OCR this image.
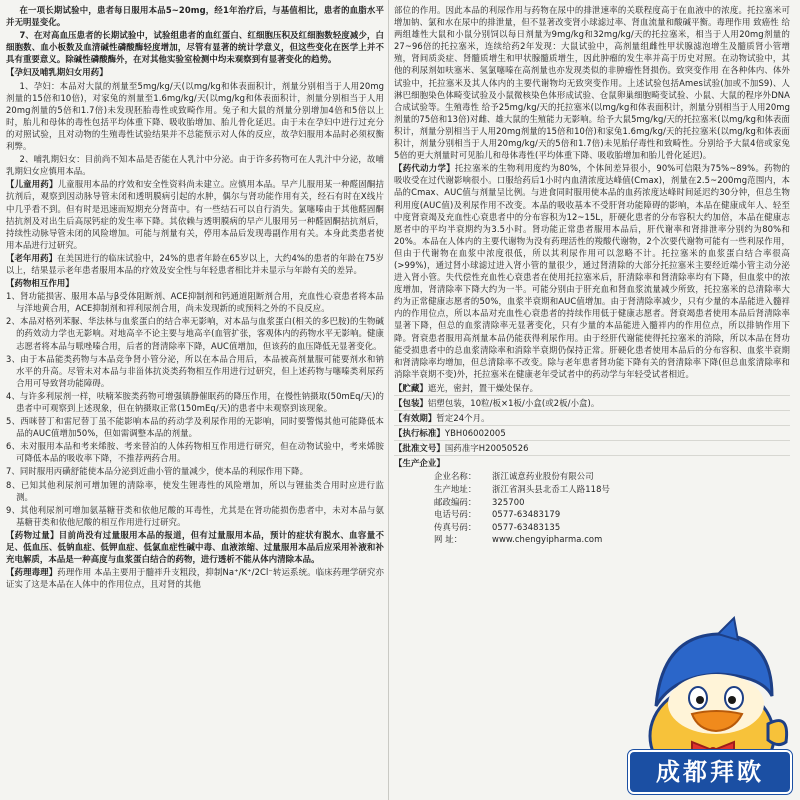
在一项长期试验中，患者每日服用本品5~20mg，经1年治疗后，与基值相比，患者的血脂水平并无明显变化。

7、在对高血压患者的长期试验中，试验组患者的血红蛋白、红细胞压积及红细胞数轻度减少，白细胞数、血小板数及血清碱性磷酸酶轻度增加，尽管有显著的统计学意义，但这些变化在医学上并不具有重要意义。除碱性磷酸酶外，在对其他实验室检测中均未观察到有显著变化的趋势。

【孕妇及哺乳期妇女用药】

1、孕妇：本品对大鼠的剂量至5mg/kg/天(以mg/kg和体表面积计，剂量分别相当于人用20mg剂量的15倍和10倍)，对家兔的剂量至1.6mg/kg/天(以mg/kg和体表面积计，剂量分别相当于人用20mg剂量的5倍和1.7倍)未发现胚胎毒性或致畸作用。兔子和大鼠的剂量分别增加4倍和5倍以上时，胎儿和母体的毒性包括平均体重下降、吸收胎增加、胎儿骨化延迟。由于未在孕妇中进行过充分的对照试验，且对动物的生殖毒性试验结果并不总能预示对人体的反应，故孕妇服用本品时必须权衡利弊。

2、哺乳期妇女：目前尚不知本品是否能在人乳汁中分泌。由于许多药物可在人乳汁中分泌，故哺乳期妇女应慎用本品。

【儿童用药】儿童服用本品的疗效和安全性资料尚未建立。应慎用本品。早产儿服用某一种醛固酮拮抗剂后，观察到因动脉导管未闭和透明膜病引起的水肿，偶尔与肾功能作用有关，经石有时在X线片中几乎看不到。但有时是迅速而短期充分肾苗中。有一些结石可以自行消失。氯噻嗪由于其他醛固酮拮抗剂及对出生后高尿钙症的发生率下降。其依赖与透明膜病的早产儿服用另一种醛固酮拮抗剂后，持续性动脉导管未闭的风险增加。可能与剂量有关，停用本品后发现毒副作用有关。本身此类患者使用本品进行过研究。

【老年用药】在美国进行的临床试验中，24%的患者年龄在65岁以上，大约4%的患者的年龄在75岁以上，结果显示老年患者服用本品的疗效及安全性与年轻患者相比并未显示与年龄有关的差异。

【药物相互作用】

1、肾功能损害、服用本品与β受体阻断剂、ACE抑制剂和钙通道阻断剂合用，充血性心衰患者将本品与洋地黄合用，ACE抑制剂和袢利尿剂合用，尚未发现新的或预料之外的不良反应。
2、本品对格列苯脲、华法林与血浆蛋白的结合率无影响，对本品与血浆蛋白(相关的多巴胺)的生物碱的药效动力学也无影响。对地高辛不论主要与地高辛(血管扩张，客观体内的药物水平无影响。健康志愿者将本品与哌唑嗪合用，后者的肾清除率下降，AUC值增加，但该药的血压降低无显著变化。
3、由于本品能类药物与本品竞争肾小管分泌，所以在本品合用后，本品被高剂量服可能要剂水和钠水平的升高。尽管未对本品与非甾体抗炎类药物相互作用进行过研究，但上述药物与噻嗪类利尿药合用可导致肾功能障碍。
4、与许多利尿剂一样，呋喃苯胺类药物可增强镇静催眠药的降压作用，在慢性钠摄取(50mEq/天)的患者中可观察到上述现象，但在钠摄取正常(150mEq/天)的患者中未观察到该现象。
5、西咪替丁和雷尼替丁虽不能影响本品的药动学及利尿作用的无影响，同时要警惕其他可能降低本品的AUC值增加50%，但如需调整本品的剂量。
6、未对服用本品和考来烯胺、考来替泊的人体药物相互作用进行研究，但在动物试验中，考来烯胺可降低本品的吸收率下降，不推荐两药合用。
7、同时服用丙磺舒能使本品分泌到近曲小管的量减少，使本品的利尿作用下降。
8、已知其他利尿剂可增加锂的清除率，使发生锂毒性的风险增加，所以与锂盐类合用时应进行监测。
9、其他利尿剂可增加氨基糖苷类和依他尼酸的耳毒性，尤其是在肾功能损伤患者中，未对本品与氨基糖苷类和依他尼酸的相互作用进行过研究。

【药物过量】目前尚没有过量服用本品的报道，但有过量服用本品，预计的症状有脱水、血容量不足、低血压、低钠血症、低钾血症、低氯血症性碱中毒、血液浓缩、过量服用本品后应采用补液和补充电解质，本品是一种高度与血浆蛋白结合的药物，进行透析不能从体内清除本品。

【药理毒理】药理作用 本品主要用于髓袢升支粗段，抑制Na⁺/K⁺/2Cl⁻转运系统。临床药理学研究亦证实了这是本品在人体中的作用位点，且对肾的其他

部位的作用。因此本品的利尿作用与药物在尿中的排泄速率的关联程度高于在血液中的浓度。托拉塞米可增加钠、氯和水在尿中的排泄量，但不显著改变肾小球滤过率、肾血流量和酸碱平衡。毒理作用 致癌性 给两组雄性大鼠和小鼠分别饲以每日剂量为9mg/kg和32mg/kg/天的托拉塞米，相当于人用20mg剂量的27~96倍的托拉塞米，连续给药2年发现：大鼠试验中，高剂量组雌性甲状腺滤泡增生及髓质肾小管增殖，肾间质炎症、肾髓质增生和甲状腺髓质增生，因此肿瘤的发生率并高于历史对照。在动物试验中，其他的利尿剂如呋塞米、氢氯噻嗪在高剂量也亦发现类似的非肿瘤性肾损伤。致突变作用 在各种体内、体外试验中，托拉塞米及其人体内的主要代谢物均无致突变作用。上述试验包括Ames试验(加或不加S9)、人淋巴细胞染色体畸变试验及小鼠微核染色体形成试验、仓鼠卵巢细胞畸变试验、小鼠、大鼠的程序外DNA合成试验等。生殖毒性 给予25mg/kg/天的托拉塞米(以mg/kg和体表面积计，剂量分别相当于人用20mg剂量的75倍和13倍)对雌、雄大鼠的生殖能力无影响。给予大鼠5mg/kg/天的托拉塞米(以mg/kg和体表面积计，剂量分别相当于人用20mg剂量的15倍和10倍)和家兔1.6mg/kg/天的托拉塞米(以mg/kg和体表面积计，剂量分别相当于人用20mg/kg/天的5倍和1.7倍)未见胎仔毒性和致畸性。分别给予大鼠4倍或家兔5倍的更大剂量时可见胎儿和母体毒性(平均体重下降、吸收胎增加和胎儿骨化延迟)。

【药代动力学】托拉塞米的生物利用度约为80%，个体间差异很小，90%可信限为75%~89%。药物的吸收受在过代谢影响很小。口服给药后1小时内血清浓度达峰值(Cmax)，剂量在2.5~200mg范围内，本品的Cmax、AUC值与剂量呈比例。与进食同时服用使本品的血药浓度达峰时间延迟约30分钟，但总生物利用度(AUC值)及利尿作用不改变。本品的吸收基本不受肝肾功能障碍的影响，本品在健康成年人、轻至中度肾衰竭及充血性心衰患者中的分布容积为12~15L，肝硬化患者的分布容积大约加倍，本品在健康志愿者中的平均半衰期约为3.5小时。肾功能正常患者服用本品后，肝代谢率和肾排泄率分别约为80%和20%。本品在人体内的主要代谢物为没有药理活性的羧酸代谢物，2个次要代谢物可能有一些利尿作用，但由于代谢物在血浆中浓度很低，所以其利尿作用可以忽略不计。托拉塞米的血浆蛋白结合率很高(>99%)，通过肾小球滤过进入肾小管的量很少，通过肾清除的大部分托拉塞米主要经近端小管主动分泌进入肾小管。失代偿性充血性心衰患者在使用托拉塞米后，肝清除率和肾清除率均有下降，但血浆中的浓度增加，肾清除率下降大约为一半。可能分别由于肝充血和肾血浆流量减少所致，托拉塞米的总清除率大约为正常健康志愿者的50%，血浆半衰期和AUC值增加。由于肾清除率减少，只有少量的本品能进入髓袢内的作用位点，所以本品对充血性心衰患者的持续作用低于健康志愿者。肾衰竭患者使用本品后肾清除率显著下降，但总的血浆清除率无显著变化，只有少量的本品能进入髓袢内的作用位点，所以排钠作用下降。肾衰患者服用高剂量本品仍能获得利尿作用。由于经肝代谢能使得托拉塞米的消除，所以本品在肾功能受损患者中的总血浆清除率和消除半衰期仍保持正常。肝硬化患者使用本品后的分布容积、血浆半衰期和肾清除率均增加，但总清除率不改变。除与老年患者肾功能下降有关的肾清除率下降(但总血浆清除率和消除半衰期不变)外，托拉塞米在健康老年受试者中的药动学与年轻受试者相近。

【贮藏】遮光，密封，置干燥处保存。

【包装】铝塑包装，10粒/板×1板/小盒(或2板/小盒)。

【有效期】暂定24个月。

【执行标准】YBH06002005

【批准文号】国药准字H20050526

【生产企业】

企业名称： 浙江诚意药业股份有限公司

生产地址： 浙江省洞头县北岙工人路118号

邮政编码： 325700

电话号码： 0577-63483179

传真号码： 0577-63483135

网 址：	www.chengyipharma.com

成都拜欧
